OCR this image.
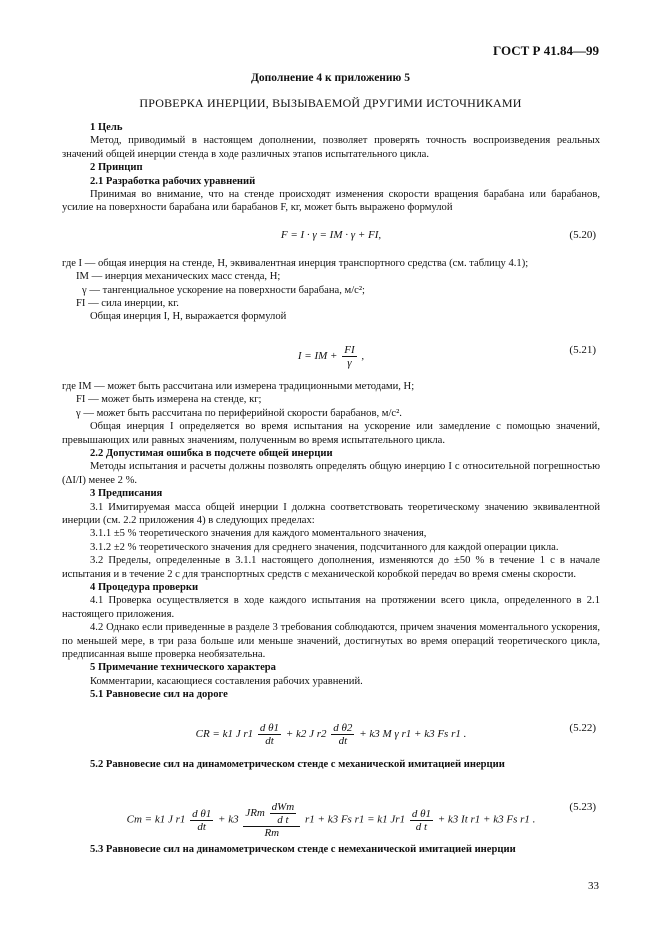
ГОСТ Р 41.84—99
Дополнение 4 к приложению 5
ПРОВЕРКА ИНЕРЦИИ, ВЫЗЫВАЕМОЙ ДРУГИМИ ИСТОЧНИКАМИ

1 Цель

Метод, приводимый в настоящем дополнении, позволяет проверять точность воспроизведения реальных значений общей инерции стенда в ходе различных этапов испытательного цикла.

2 Принцип

2.1 Разработка рабочих уравнений

Принимая во внимание, что на стенде происходят изменения скорости вращения барабана или барабанов, усилие на поверхности барабана или барабанов F, кг, может быть выражено формулой

F = I · γ = IM · γ + FI,	(5.20)

где I — общая инерция на стенде, Н, эквивалентная инерция транспортного средства (см. таблицу 4.1);

IM — инерция механических масс стенда, Н;

γ — тангенциальное ускорение на поверхности барабана, м/с²;

FI — сила инерции, кг.

Общая инерция I, Н, выражается формулой

I = IM + $\frac{FI}{\gamma}$ ,
(5.21)

где IM — может быть рассчитана или измерена традиционными методами, Н;

FI — может быть измерена на стенде, кг;

γ — может быть рассчитана по периферийной скорости барабанов, м/с².

Общая инерция I определяется во время испытания на ускорение или замедление с помощью значений, превышающих или равных значениям, полученным во время испытательного цикла.

2.2 Допустимая ошибка в подсчете общей инерции

Методы испытания и расчеты должны позволять определять общую инерцию I с относительной погрешностью (ΔI/I) менее 2 %.

3 Предписания

3.1 Имитируемая масса общей инерции I должна соответствовать теоретическому значению эквивалентной инерции (см. 2.2 приложения 4) в следующих пределах:

3.1.1 ±5 % теоретического значения для каждого моментального значения,

3.1.2 ±2 % теоретического значения для среднего значения, подсчитанного для каждой операции цикла.

3.2 Пределы, определенные в 3.1.1 настоящего дополнения, изменяются до ±50 % в течение 1 с в начале испытания и в течение 2 с для транспортных средств с механической коробкой передач во время смены скорости.

4 Процедура проверки

4.1 Проверка осуществляется в ходе каждого испытания на протяжении всего цикла, определенного в 2.1 настоящего приложения.

4.2 Однако если приведенные в разделе 3 требования соблюдаются, причем значения моментального ускорения, по меньшей мере, в три раза больше или меньше значений, достигнутых во время операций теоретического цикла, предписанная выше проверка необязательна.

5 Примечание технического характера

Комментарии, касающиеся составления рабочих уравнений.

5.1 Равновесие сил на дороге

CR = k1 J $r1 \frac{\text{d θ1}}{dt} + k2$ J $r2 \frac{\text{d θ2}}{dt} + k3$ M γ r1 + k3 Fs r1 .
(5.22)

5.2 Равновесие сил на динамометрическом стенде с механической имитацией инерции

Cm = k1 J $r1 \frac{\text{d θ1}}{dt} + k3 \frac{JRm \frac{\text{dWm}}{\text{d t}}}{Rm} r1 + k3$ Fs r1 = k1 $Jr1 \frac{\text{d θ1}}{\text{d t}} + k3$ It r1 + k3 Fs r1 .
(5.23)

5.3 Равновесие сил на динамометрическом стенде с немеханической имитацией инерции

33
